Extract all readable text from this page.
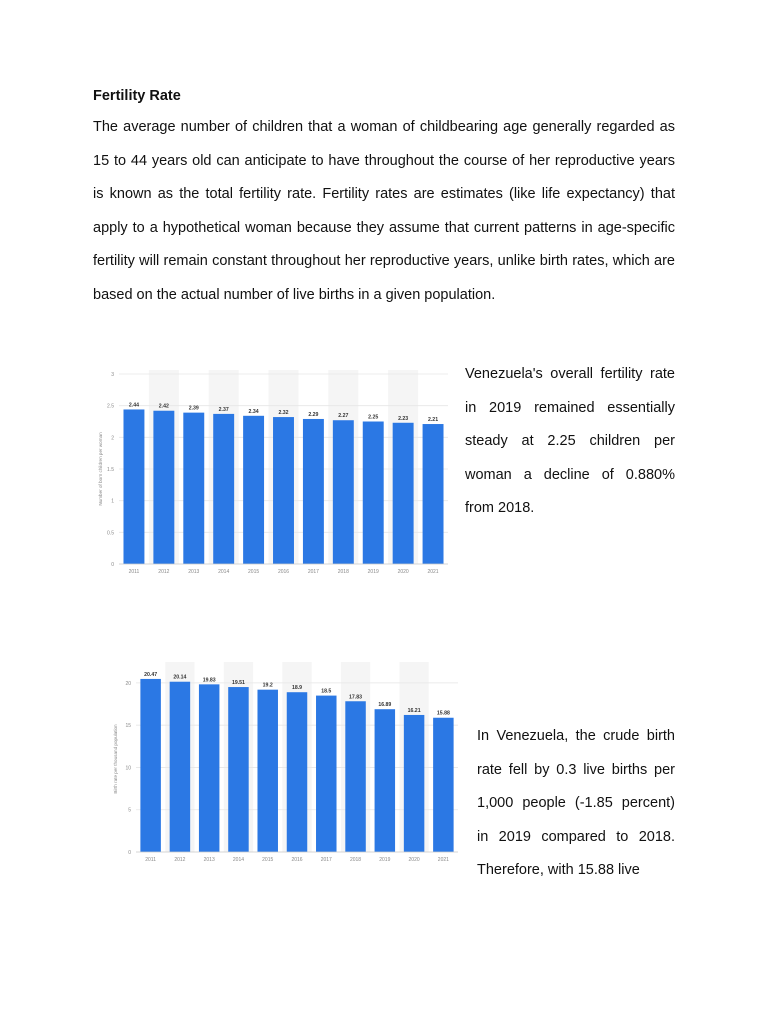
Fertility Rate

The average number of children that a woman of childbearing age generally regarded as 15 to 44 years old can anticipate to have throughout the course of her reproductive years is known as the total fertility rate. Fertility rates are estimates (like life expectancy) that apply to a hypothetical woman because they assume that current patterns in age-specific fertility will remain constant throughout her reproductive years, unlike birth rates, which are based on the actual number of live births in a given population.

0
0.5
1
1.5
2
2.5
3
Number of born children per woman
2.44
2011
2.42
2012
2.39
2013
2.37
2014
2.34
2015
2.32
2016
2.29
2017
2.27
2018
2.25
2019
2.23
2020
2.21
2021

Venezuela's overall fertility rate in 2019 remained essentially steady at 2.25 children per woman a decline of 0.880% from 2018.

0
5
10
15
20
Birth rate per thousand population
20.47
2011
20.14
2012
19.83
2013
19.51
2014
19.2
2015
18.9
2016
18.5
2017
17.83
2018
16.89
2019
16.21
2020
15.88
2021

In Venezuela, the crude birth rate fell by 0.3 live births per 1,000 people (-1.85 percent) in 2019 compared to 2018. Therefore, with 15.88 live
